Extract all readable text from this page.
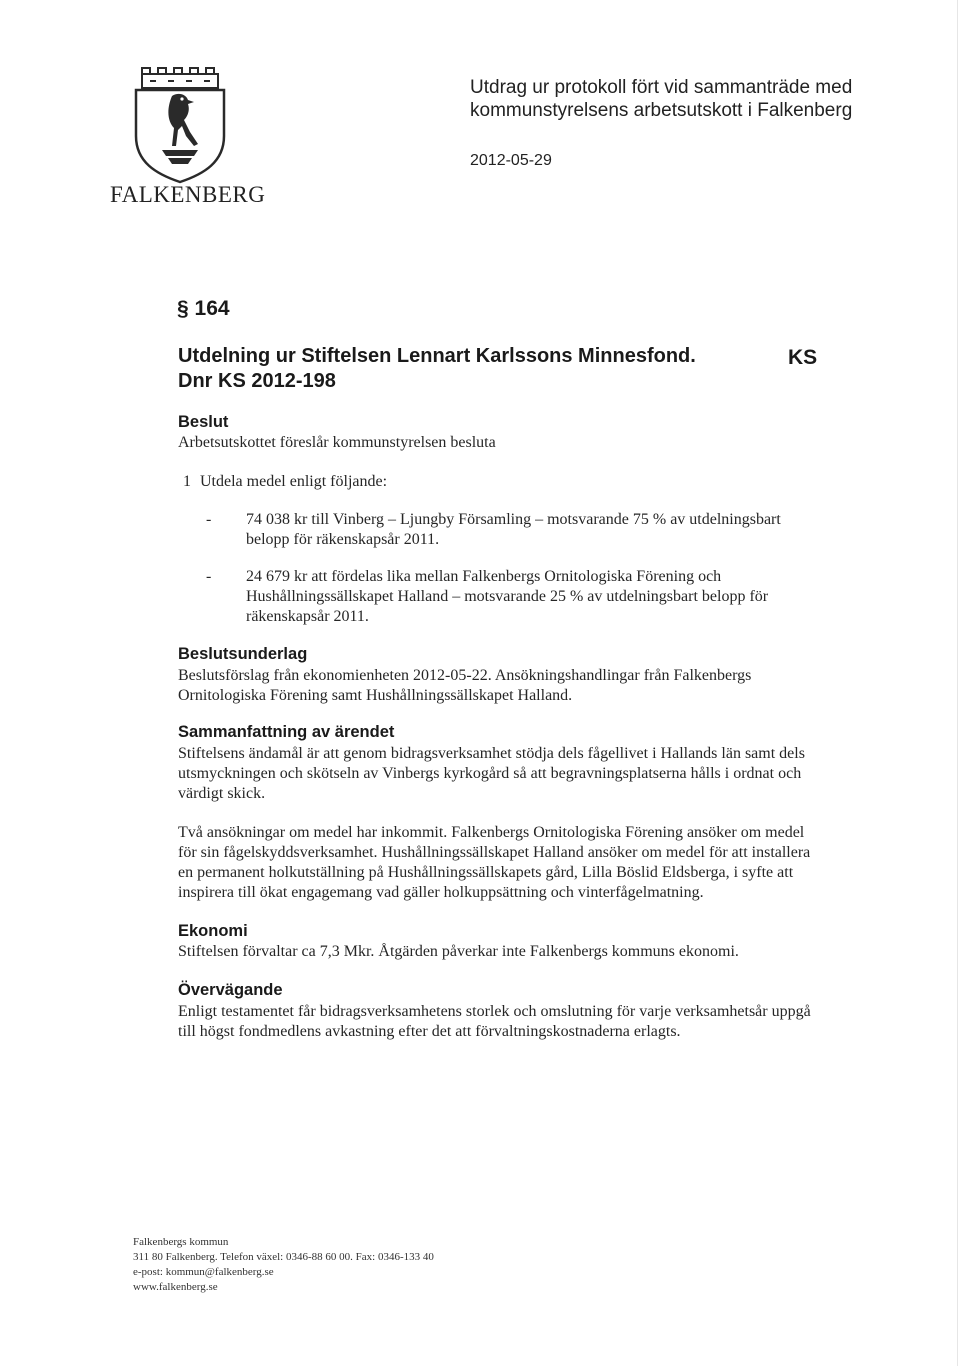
FALKENBERG
Utdrag ur protokoll fört vid sammanträde med
kommunstyrelsens arbetsutskott i Falkenberg
2012-05-29
§ 164
Utdelning ur Stiftelsen Lennart Karlssons Minnesfond.
Dnr KS 2012-198
KS
Beslut
Arbetsutskottet föreslår kommunstyrelsen besluta
1 Utdela medel enligt följande:
- 74 038 kr till Vinberg – Ljungby Församling – motsvarande 75 % av utdelningsbart
belopp för räkenskapsår 2011.
- 24 679 kr att fördelas lika mellan Falkenbergs Ornitologiska Förening och
Hushållningssällskapet Halland – motsvarande 25 % av utdelningsbart belopp för
räkenskapsår 2011.
Beslutsunderlag
Beslutsförslag från ekonomienheten 2012-05-22. Ansökningshandlingar från Falkenbergs
Ornitologiska Förening samt Hushållningssällskapet Halland.
Sammanfattning av ärendet
Stiftelsens ändamål är att genom bidragsverksamhet stödja dels fågellivet i Hallands län samt dels
utsmyckningen och skötseln av Vinbergs kyrkogård så att begravningsplatserna hålls i ordnat och
värdigt skick.
Två ansökningar om medel har inkommit. Falkenbergs Ornitologiska Förening ansöker om medel
för sin fågelskyddsverksamhet. Hushållningssällskapet Halland ansöker om medel för att installera
en permanent holkutställning på Hushållningssällskapets gård, Lilla Böslid Eldsberga, i syfte att
inspirera till ökat engagemang vad gäller holkuppsättning och vinterfågelmatning.
Ekonomi
Stiftelsen förvaltar ca 7,3 Mkr. Åtgärden påverkar inte Falkenbergs kommuns ekonomi.
Övervägande
Enligt testamentet får bidragsverksamhetens storlek och omslutning för varje verksamhetsår uppgå
till högst fondmedlens avkastning efter det att förvaltningskostnaderna erlagts.
Falkenbergs kommun
311 80 Falkenberg. Telefon växel: 0346-88 60 00. Fax: 0346-133 40
e-post: kommun@falkenberg.se
www.falkenberg.se
